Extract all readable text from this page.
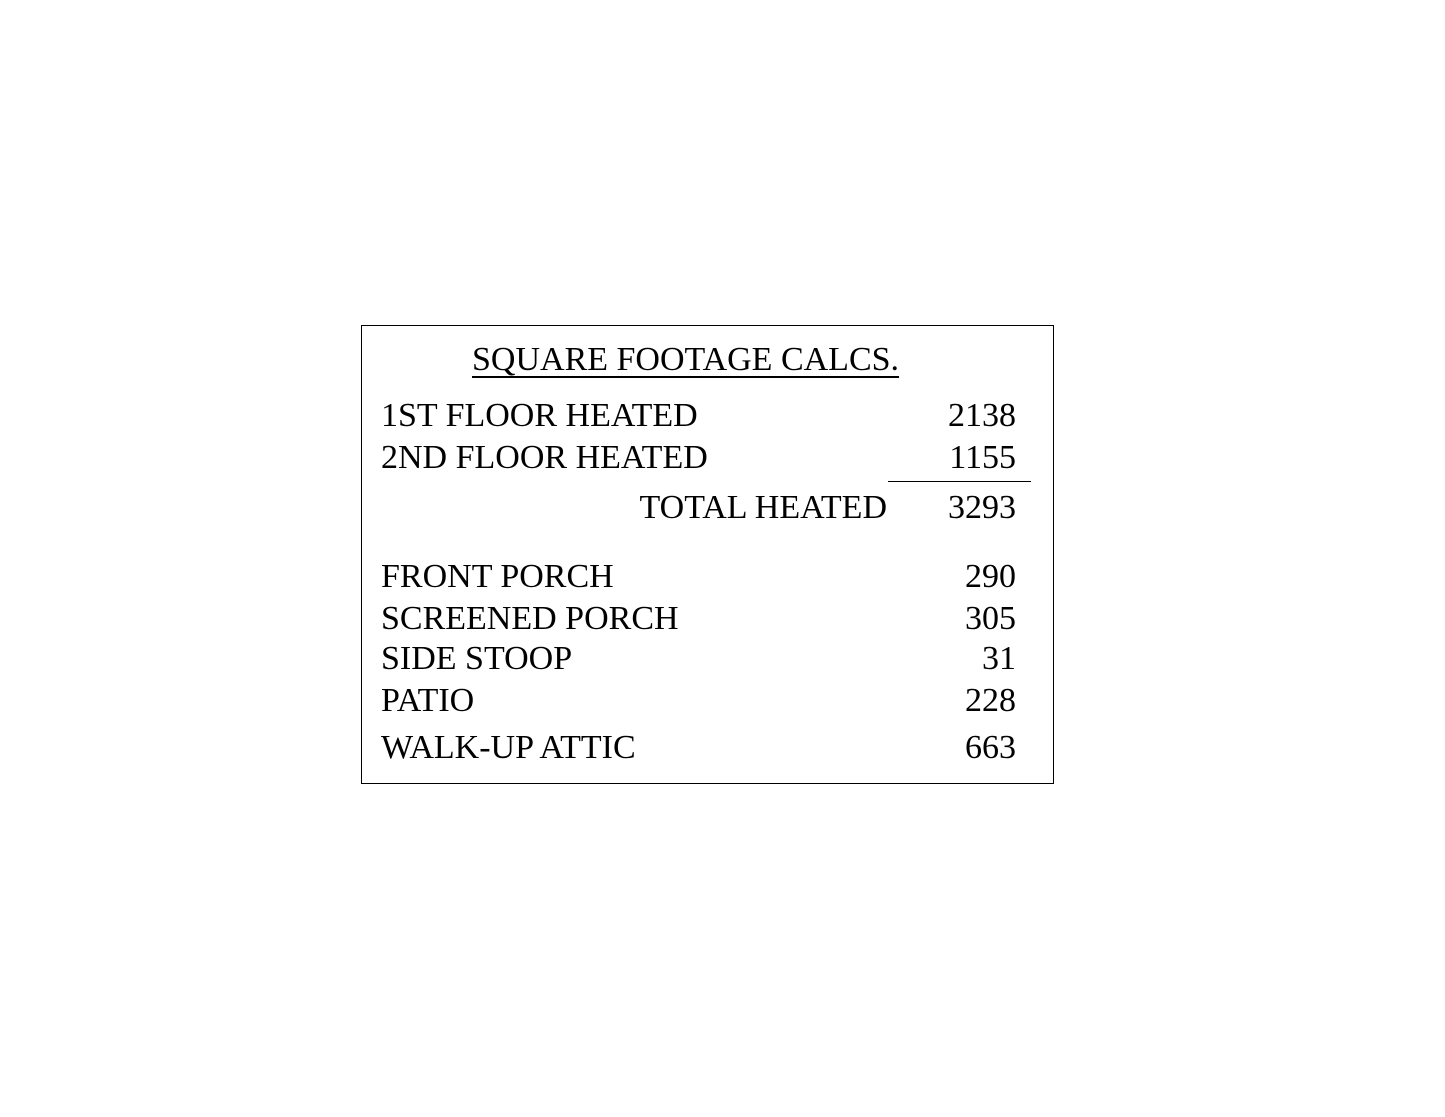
SQUARE FOOTAGE CALCS.
1ST FLOOR HEATED	2138
2ND FLOOR HEATED	1155
TOTAL HEATED 3293
FRONT PORCH	290
SCREENED PORCH	305
SIDE STOOP	31
PATIO	228
WALK-UP ATTIC	663
